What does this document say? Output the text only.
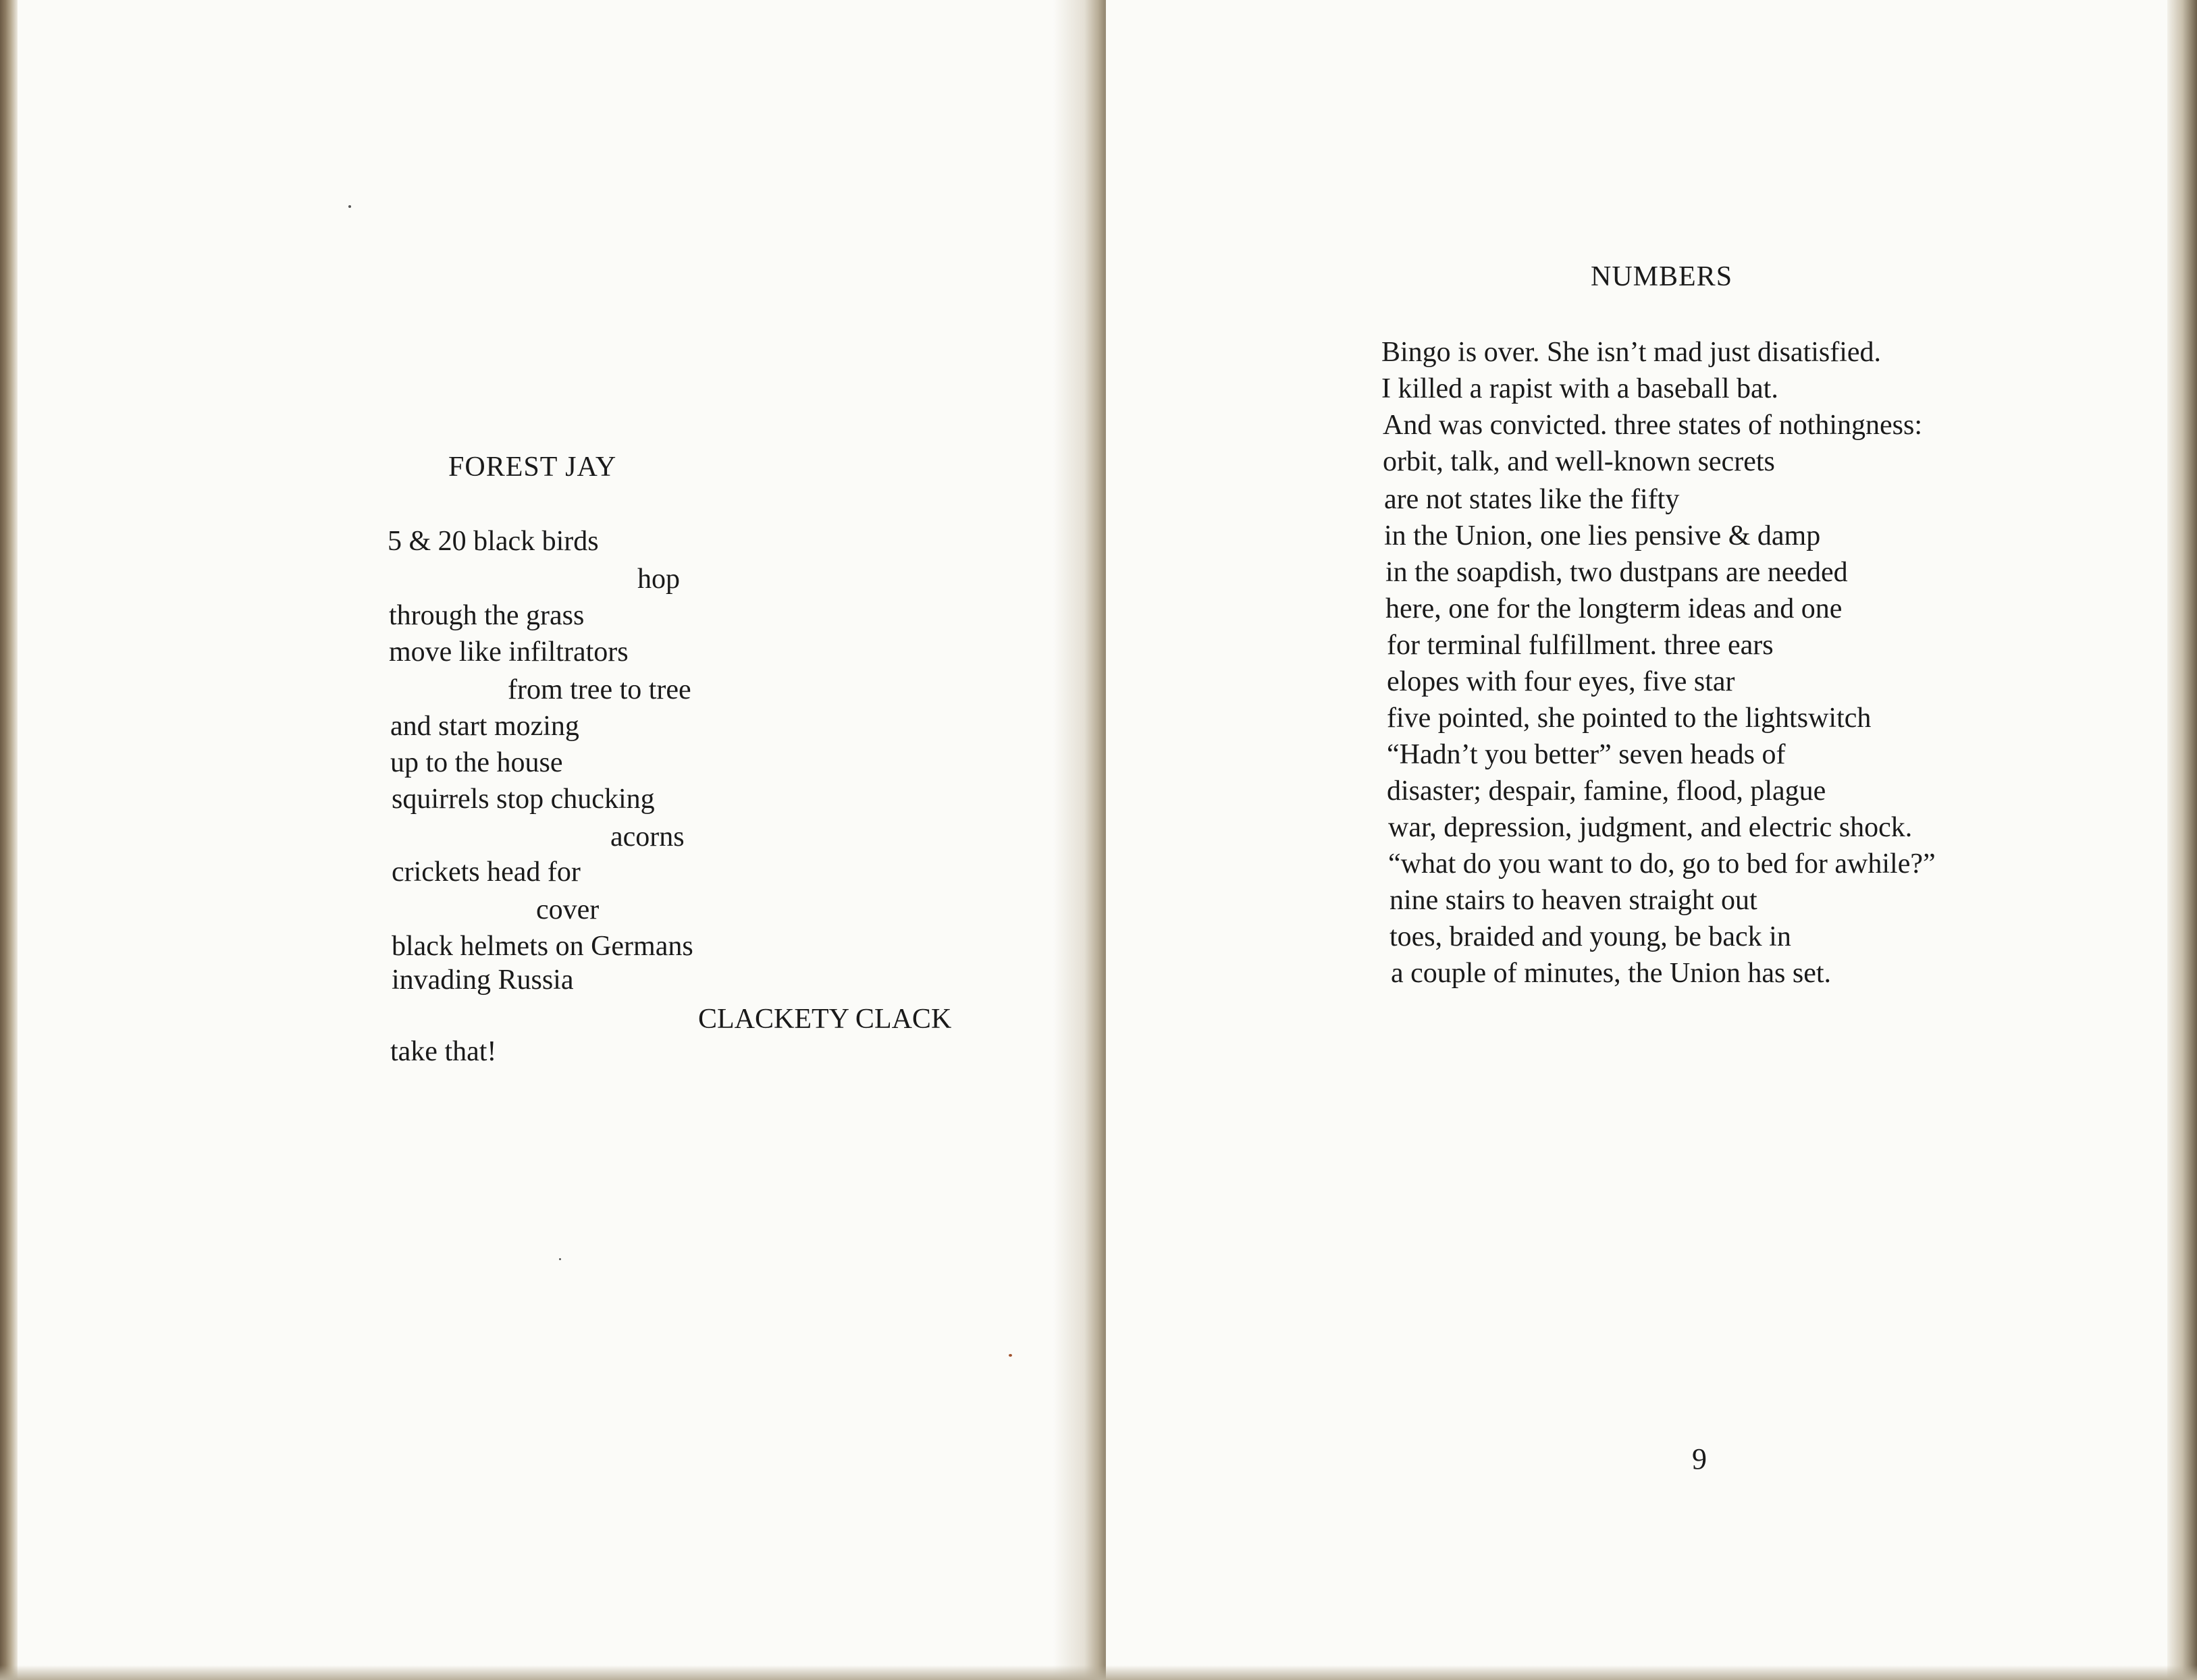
FOREST JAY
5 & 20 black birds
hop
through the grass
move like infiltrators
from tree to tree
and start mozing
up to the house
squirrels stop chucking
acorns
crickets head for
cover
black helmets on Germans
invading Russia
CLACKETY CLACK
take that!
NUMBERS
Bingo is over. She isn’t mad just disatisfied.
I killed a rapist with a baseball bat.
And was convicted. three states of nothingness:
orbit, talk, and well-known secrets
are not states like the fifty
in the Union, one lies pensive & damp
in the soapdish, two dustpans are needed
here, one for the longterm ideas and one
for terminal fulfillment. three ears
elopes with four eyes, five star
five pointed, she pointed to the lightswitch
“Hadn’t you better” seven heads of
disaster; despair, famine, flood, plague
war, depression, judgment, and electric shock.
“what do you want to do, go to bed for awhile?”
nine stairs to heaven straight out
toes, braided and young, be back in
a couple of minutes, the Union has set.
9
